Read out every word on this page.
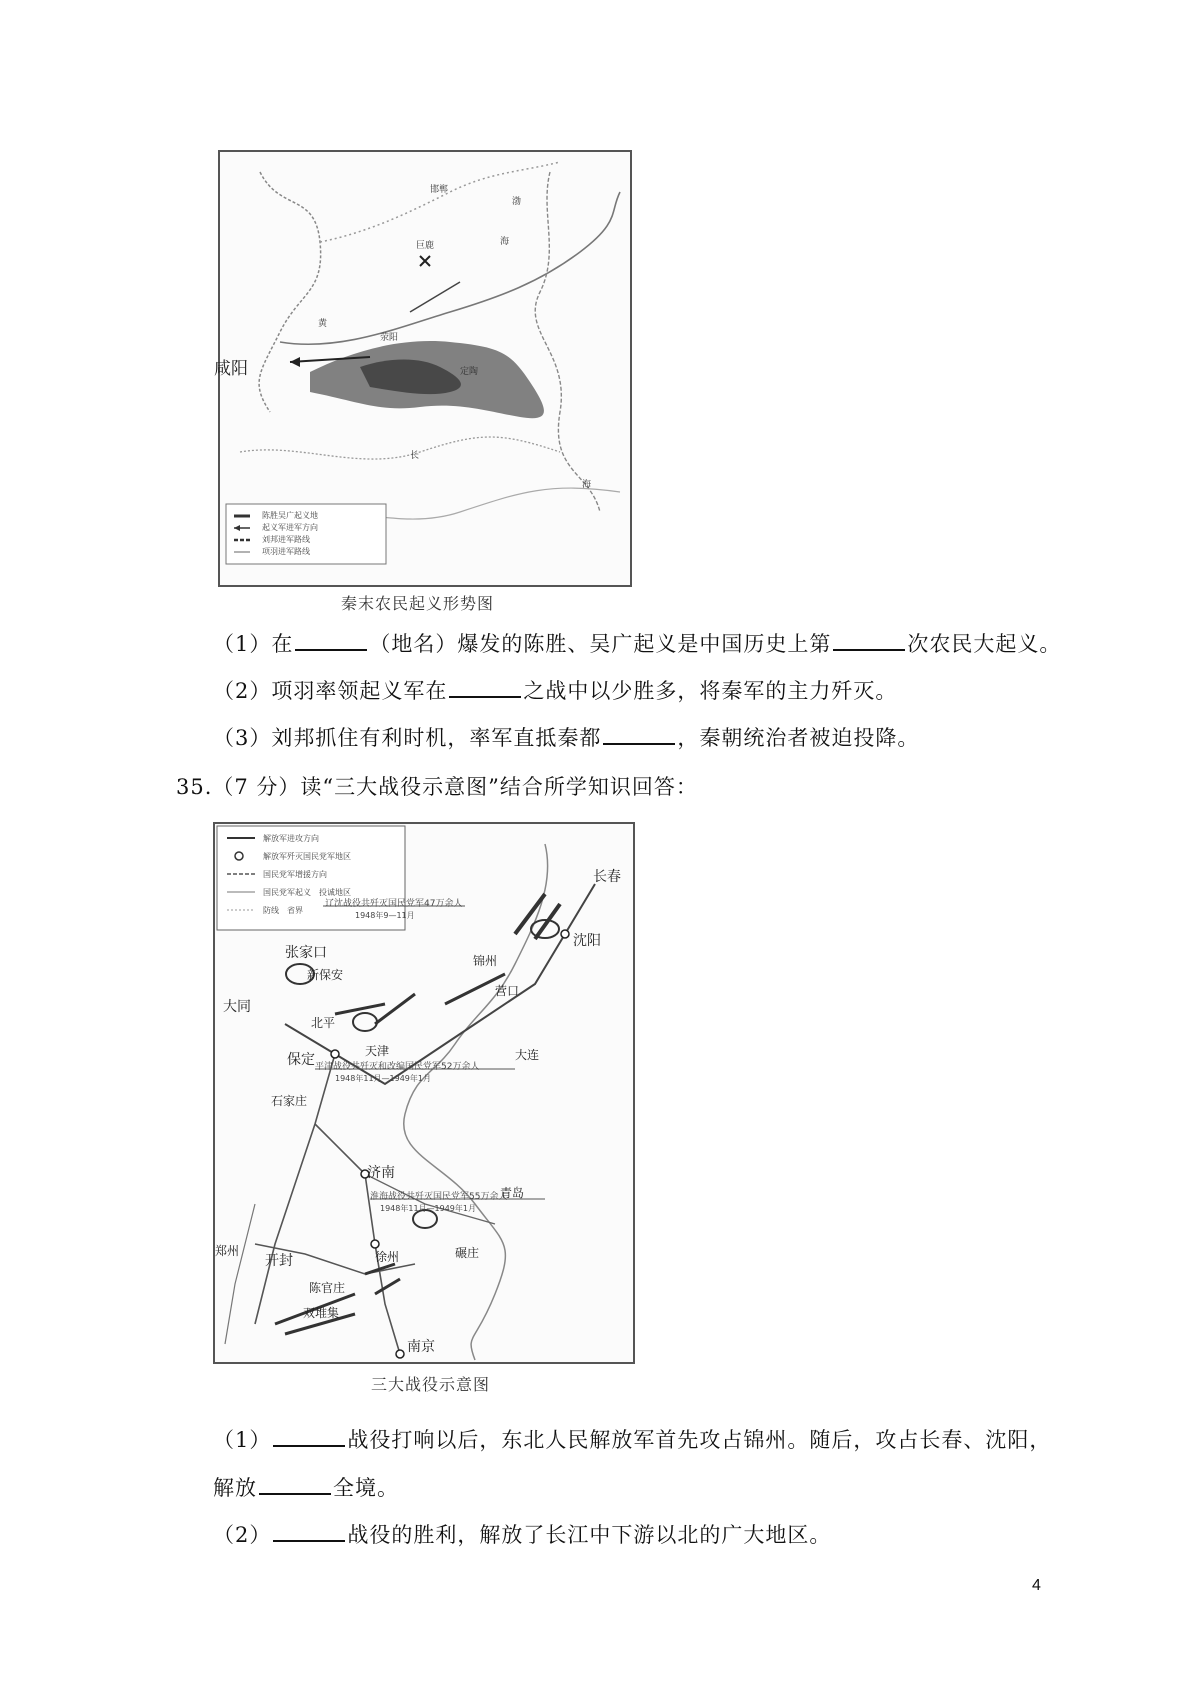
咸阳
巨鹿
邯郸
荥阳
定陶
渤
海
海
黄
长
陈胜吴广起义地
起义军进军方向
刘邦进军路线
项羽进军路线
秦末农民起义形势图
（1）在	（地名）爆发的陈胜、吴广起义是中国历史上第	次农民大起义。
（2）项羽率领起义军在	之战中以少胜多，将秦军的主力歼灭。
（3）刘邦抓住有利时机，率军直抵秦都	，秦朝统治者被迫投降。
35.（7 分）读“三大战役示意图”结合所学知识回答：
解放军进攻方向
解放军歼灭国民党军地区
国民党军增援方向
国民党军起义　投诚地区
防线　省界
辽沈战役共歼灭国民党军47万余人
1948年9—11月
平津战役共歼灭和改编国民党军52万余人
1948年11月—1949年1月
淮海战役共歼灭国民党军55万余人
1948年11月—1949年1月
长春
沈阳
锦州
营口
张家口
新保安
大同
北平
天津
保定
石家庄
大连
济南
青岛
郑州
开封	徐州	碾庄
陈官庄
双堆集
南京
三大战役示意图
（1）	战役打响以后，东北人民解放军首先攻占锦州。随后，攻占长春、沈阳，
解放	全境。
（2）	战役的胜利，解放了长江中下游以北的广大地区。
4
